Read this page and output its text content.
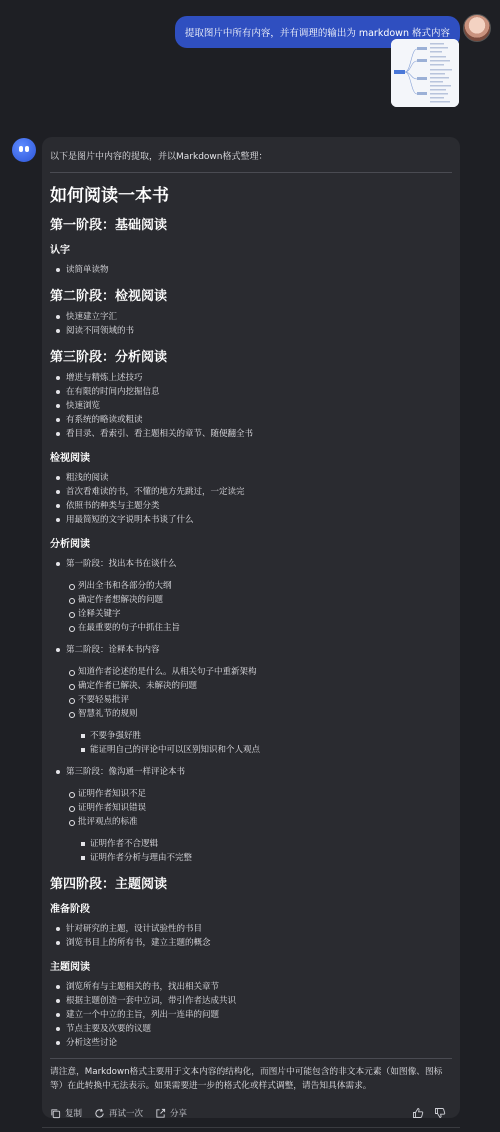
提取图片中所有内容，并有调理的输出为 markdown 格式内容
以下是图片中内容的提取，并以Markdown格式整理：
如何阅读一本书
第一阶段：基础阅读
认字
读简单读物
第二阶段：检视阅读
快速建立字汇
阅读不同领域的书
第三阶段：分析阅读
增进与精炼上述技巧
在有限的时间内挖掘信息
快速浏览
有系统的略读或粗读
看目录、看索引、看主题相关的章节、随便翻全书
检视阅读
粗浅的阅读
首次看难读的书，不懂的地方先跳过，一定读完
依照书的种类与主题分类
用最简短的文字说明本书谈了什么
分析阅读
第一阶段：找出本书在谈什么
列出全书和各部分的大纲
确定作者想解决的问题
诠释关键字
在最重要的句子中抓住主旨
第二阶段：诠释本书内容
知道作者论述的是什么。从相关句子中重新架构
确定作者已解决、未解决的问题
不要轻易批评
智慧礼节的规则
不要争强好胜
能证明自己的评论中可以区别知识和个人观点
第三阶段：像沟通一样评论本书
证明作者知识不足
证明作者知识错误
批评观点的标准
证明作者不合逻辑
证明作者分析与理由不完整
第四阶段：主题阅读
准备阶段
针对研究的主题，设计试验性的书目
浏览书目上的所有书，建立主题的概念
主题阅读
浏览所有与主题相关的书，找出相关章节
根据主题创造一套中立词，带引作者达成共识
建立一个中立的主旨，列出一连串的问题
节点主要及次要的议题
分析这些讨论
请注意，Markdown格式主要用于文本内容的结构化，而图片中可能包含的非文本元素（如图像、图标等）在此转换中无法表示。如果需要进一步的格式化或样式调整，请告知具体需求。
复制	再试一次	分享
